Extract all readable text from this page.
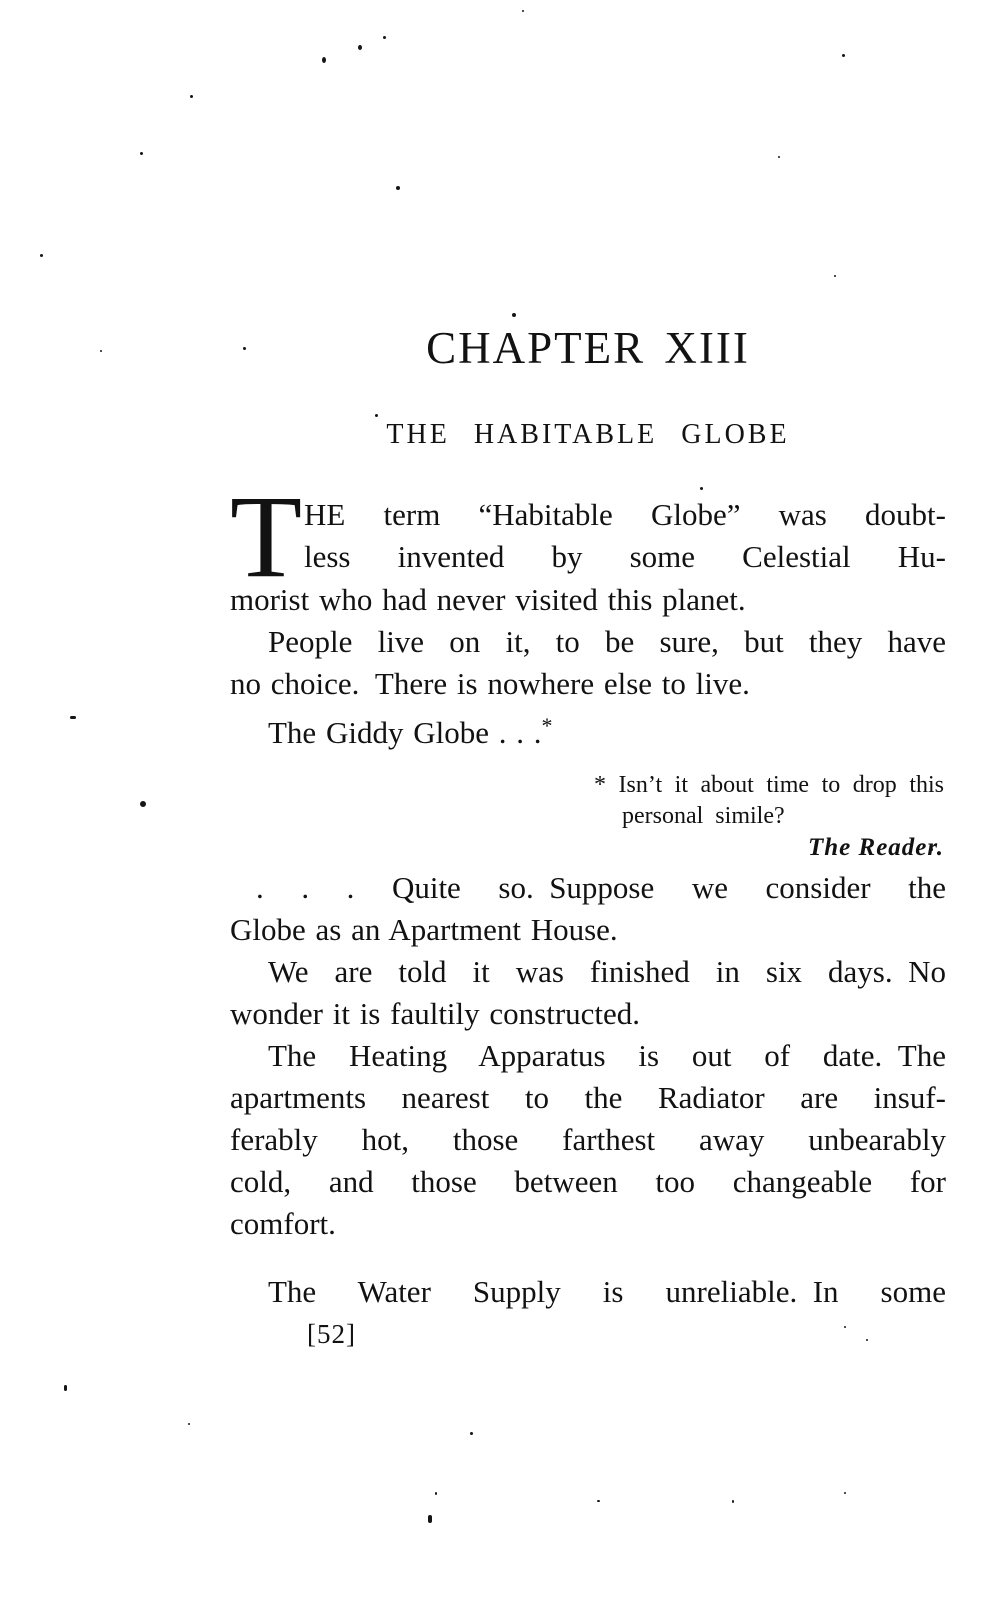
CHAPTER XIII
THE HABITABLE GLOBE
T HE term “Habitable Globe” was doubt-
less invented by some Celestial Hu-
morist who had never visited this planet.
People live on it, to be sure, but they have
no choice. There is nowhere else to live.
The Giddy Globe . . .*
* Isn’t it about time to drop this
personal simile?
The Reader.
. . . Quite so. Suppose we consider the
Globe as an Apartment House.
We are told it was finished in six days. No
wonder it is faultily constructed.
The Heating Apparatus is out of date. The
apartments nearest to the Radiator are insuf-
ferably hot, those farthest away unbearably
cold, and those between too changeable for
comfort.
The Water Supply is unreliable. In some
[52]
